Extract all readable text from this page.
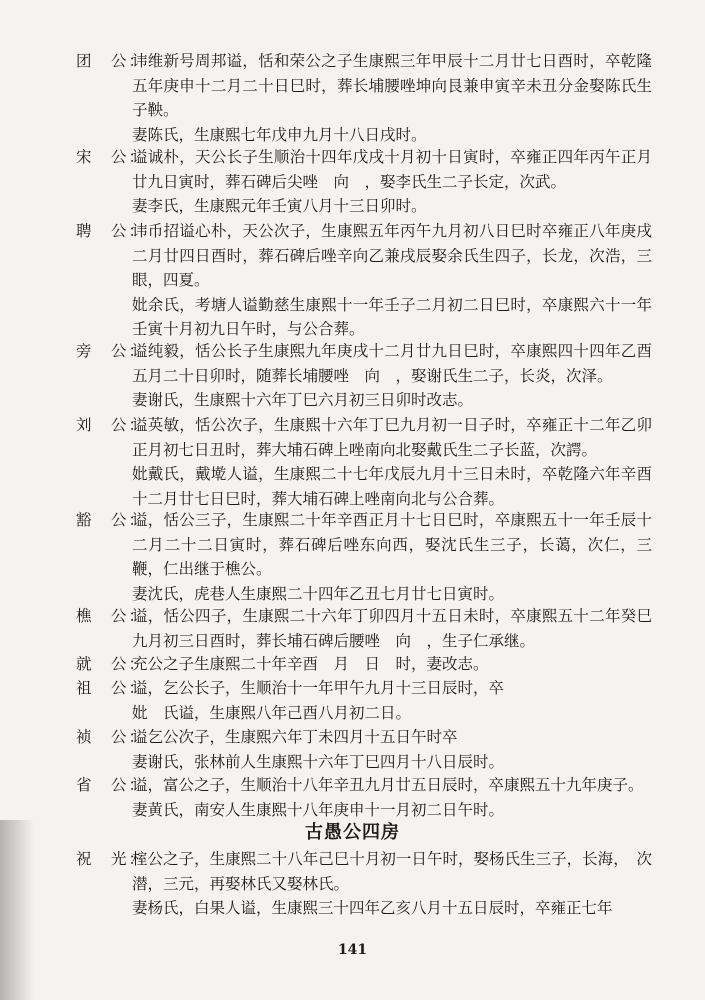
团　公：

讳维新号周邦谥，恬和荣公之子生康熙三年甲辰十二月廿七日酉时，卒乾隆五年庚申十二月二十日巳时，葬长埔腰唑坤向艮兼申寅辛未丑分金娶陈氏生子鞅。

妻陈氏，生康熙七年戊申九月十八日戌时。

宋　公：

谥诚朴，天公长子生顺治十四年戊戌十月初十日寅时，卒雍正四年丙午正月廿九日寅时，葬石碑后尖唑　向　，娶李氏生二子长定，次武。

妻李氏，生康熙元年壬寅八月十三日卯时。

聘　公：

讳币招谥心朴，天公次子，生康熙五年丙午九月初八日巳时卒雍正八年庚戌二月廿四日酉时，葬石碑后唑辛向乙兼戌辰娶余氏生四子，长龙，次浩，三眼，四夏。

妣余氏，考塘人谥勤慈生康熙十一年壬子二月初二日巳时，卒康熙六十一年壬寅十月初九日午时，与公合葬。

旁　公：

谥纯毅，恬公长子生康熙九年庚戌十二月廿九日巳时，卒康熙四十四年乙酉五月二十日卯时，随葬长埔腰唑　向　，娶谢氏生二子，长炎，次泽。

妻谢氏，生康熙十六年丁巳六月初三日卯时改志。

刘　公：

谥英敏，恬公次子，生康熙十六年丁巳九月初一日子时，卒雍正十二年乙卯正月初七日丑时，葬大埔石碑上唑南向北娶戴氏生二子长蓝，次諤。

妣戴氏，戴墘人谥，生康熙二十七年戊辰九月十三日未时，卒乾隆六年辛酉十二月廿七日巳时，葬大埔石碑上唑南向北与公合葬。

豁　公：

谥，恬公三子，生康熙二十年辛酉正月十七日巳时，卒康熙五十一年壬辰十二月二十二日寅时，葬石碑后唑东向西，娶沈氏生三子，长蔼，次仁，三鞭，仁出继于樵公。

妻沈氏，虎巷人生康熙二十四年乙丑七月廿七日寅时。

樵　公：

谥，恬公四子，生康熙二十六年丁卯四月十五日未时，卒康熙五十二年癸巳九月初三日酉时，葬长埔石碑后腰唑　向　，生子仁承继。

就　公：

充公之子生康熙二十年辛酉　月　日　时，妻改志。

祖　公：

谥，乞公长子，生顺治十一年甲午九月十三日辰时，卒

妣　氏谥，生康熙八年己酉八月初二日。

祯　公：

谥乞公次子，生康熙六年丁未四月十五日午时卒

妻谢氏，张林前人生康熙十六年丁巳四月十八日辰时。

省　公：

谥，富公之子，生顺治十八年辛丑九月廿五日辰时，卒康熙五十九年庚子。

妻黄氏，南安人生康熙十八年庚申十一月初二日午时。

古愚公四房
祝　光：

榁公之子，生康熙二十八年己巳十月初一日午时，娶杨氏生三子，长海，　次潜，三元，再娶林氏又娶林氏。

妻杨氏，白果人谥，生康熙三十四年乙亥八月十五日辰时，卒雍正七年

141
